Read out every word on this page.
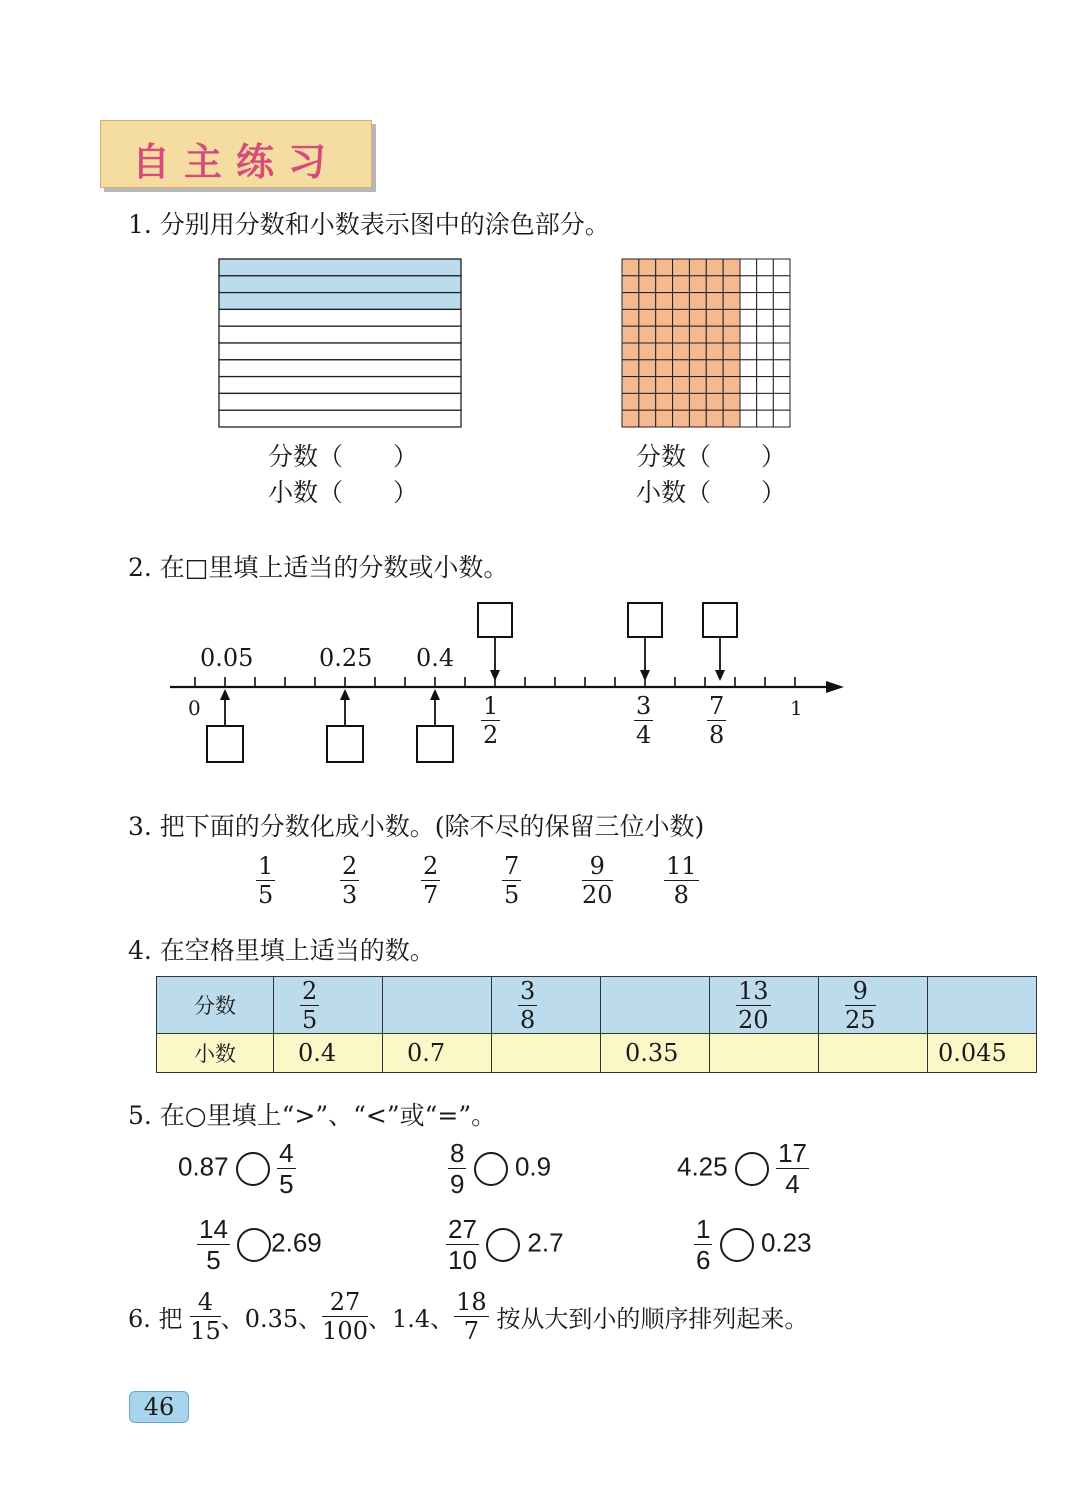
自主练习
1. 分别用分数和小数表示图中的涂色部分。
分数（　　）
小数（　　）
分数（　　）
小数（　　）
2. 在□里填上适当的分数或小数。
0.05	0.25 0.4
0	1
$\frac{1}{2}$	$\frac{3}{4} \frac{7}{8}$
3. 把下面的分数化成小数。(除不尽的保留三位小数)
$\frac{1}{5}$	$\frac{2}{3}$	$\frac{2}{7}$	$\frac{7}{5}$	$\frac{9}{20} \frac{11}{8}$
4. 在空格里填上适当的数。
分数	$\frac{2}{5}$		$\frac{3}{8}$		$\frac{13}{20}$	$\frac{9}{25}$

小数	0.4	0.7		0.35			0.045
5. 在○里填上“>”、“<”或“=”。
$0.87 \frac{4}{5}$	$\frac{8}{9} 0.9$	$4.25 \frac{17}{4}$
$\frac{14}{5} 2.69$	$\frac{27}{10} 2.7$	$\frac{1}{6} 0.23$
6. 把 $\frac{4}{15}$ 、0.35、 $\frac{27}{100}$ 、1.4、 $\frac{18}{7}$ 按从大到小的顺序排列起来。
46
